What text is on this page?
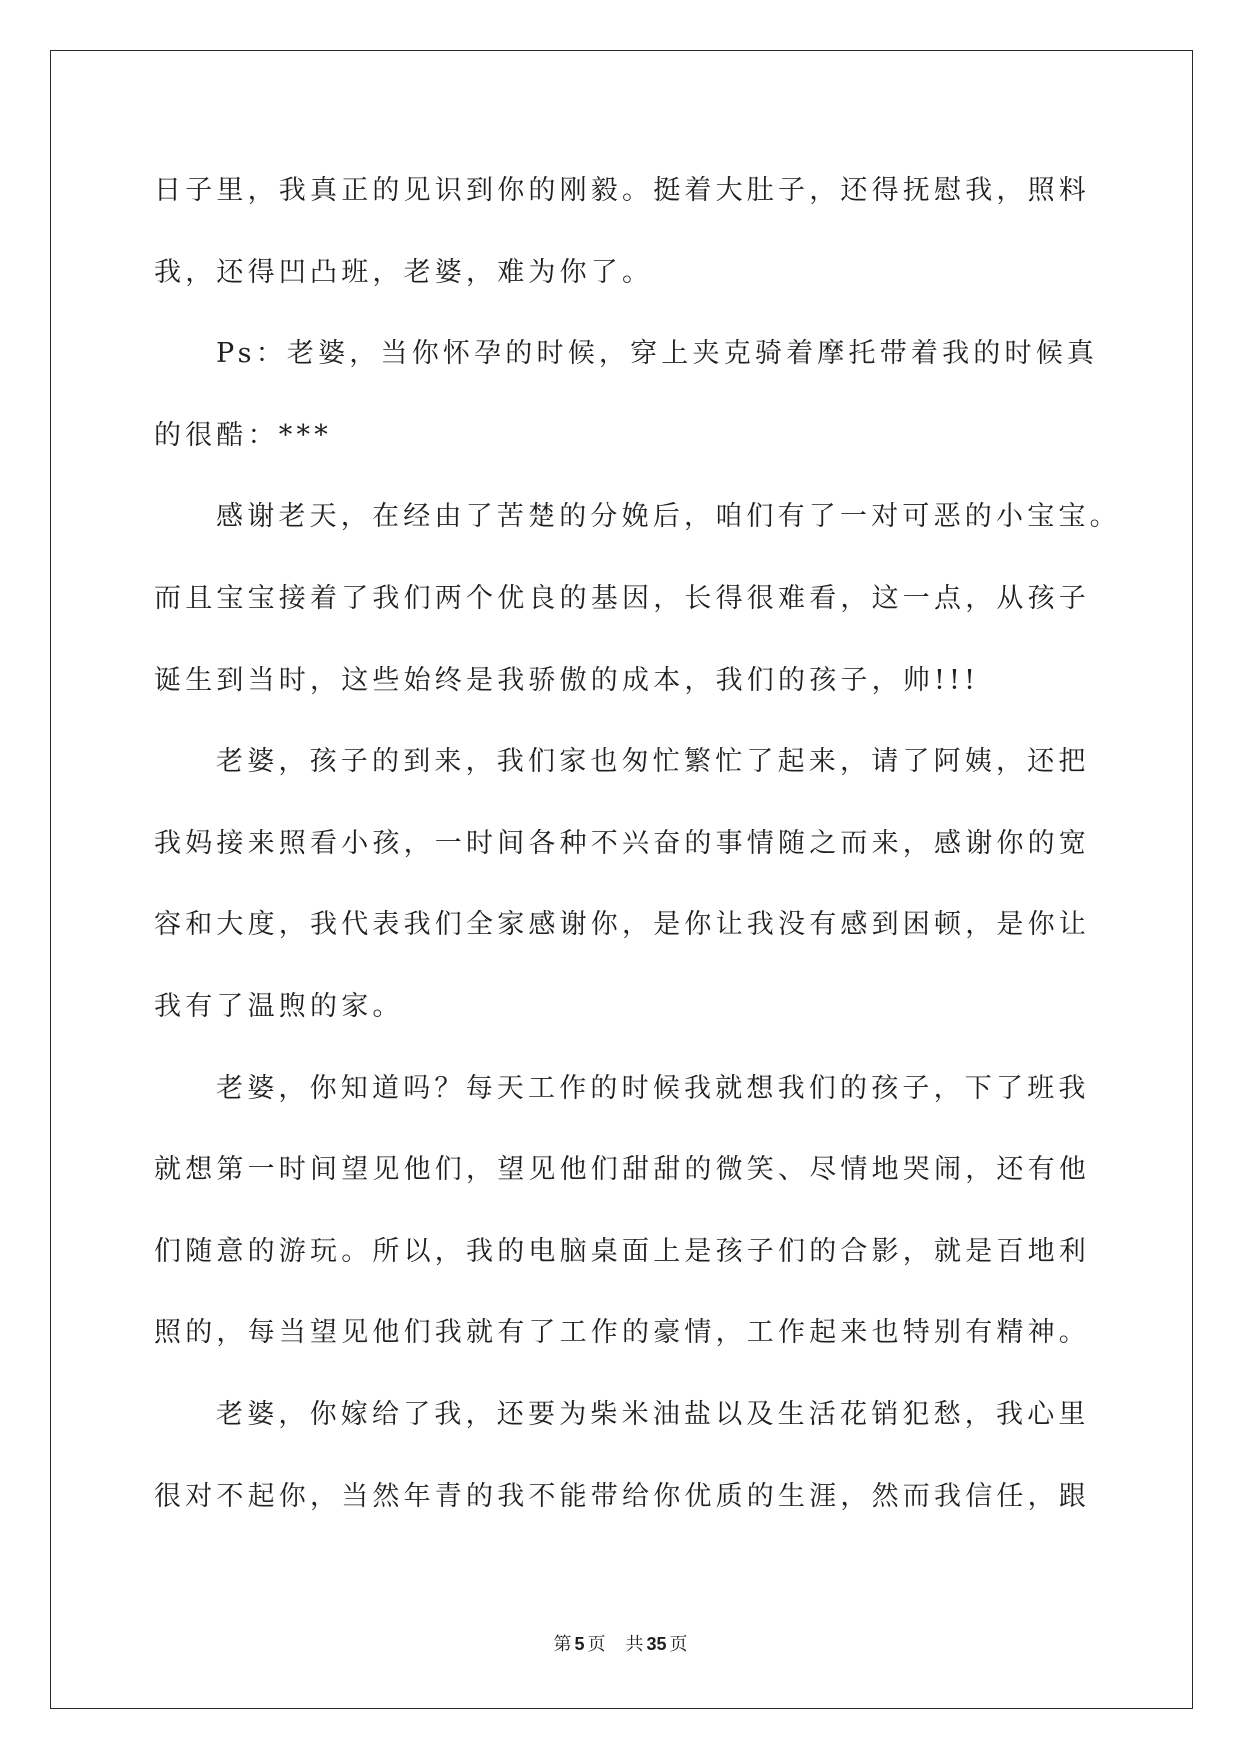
日子里，我真正的见识到你的刚毅。挺着大肚子，还得抚慰我，照料
我，还得凹凸班，老婆，难为你了。
Ps：老婆，当你怀孕的时候，穿上夹克骑着摩托带着我的时候真
的很酷：***
感谢老天，在经由了苦楚的分娩后，咱们有了一对可恶的小宝宝。
而且宝宝接着了我们两个优良的基因，长得很难看，这一点，从孩子
诞生到当时，这些始终是我骄傲的成本，我们的孩子，帅!!!
老婆，孩子的到来，我们家也匆忙繁忙了起来，请了阿姨，还把
我妈接来照看小孩，一时间各种不兴奋的事情随之而来，感谢你的宽
容和大度，我代表我们全家感谢你，是你让我没有感到困顿，是你让
我有了温煦的家。
老婆，你知道吗？每天工作的时候我就想我们的孩子，下了班我
就想第一时间望见他们，望见他们甜甜的微笑、尽情地哭闹，还有他
们随意的游玩。所以，我的电脑桌面上是孩子们的合影，就是百地利
照的，每当望见他们我就有了工作的豪情，工作起来也特别有精神。
老婆，你嫁给了我，还要为柴米油盐以及生活花销犯愁，我心里
很对不起你，当然年青的我不能带给你优质的生涯，然而我信任，跟
第 5 页 共 35 页
